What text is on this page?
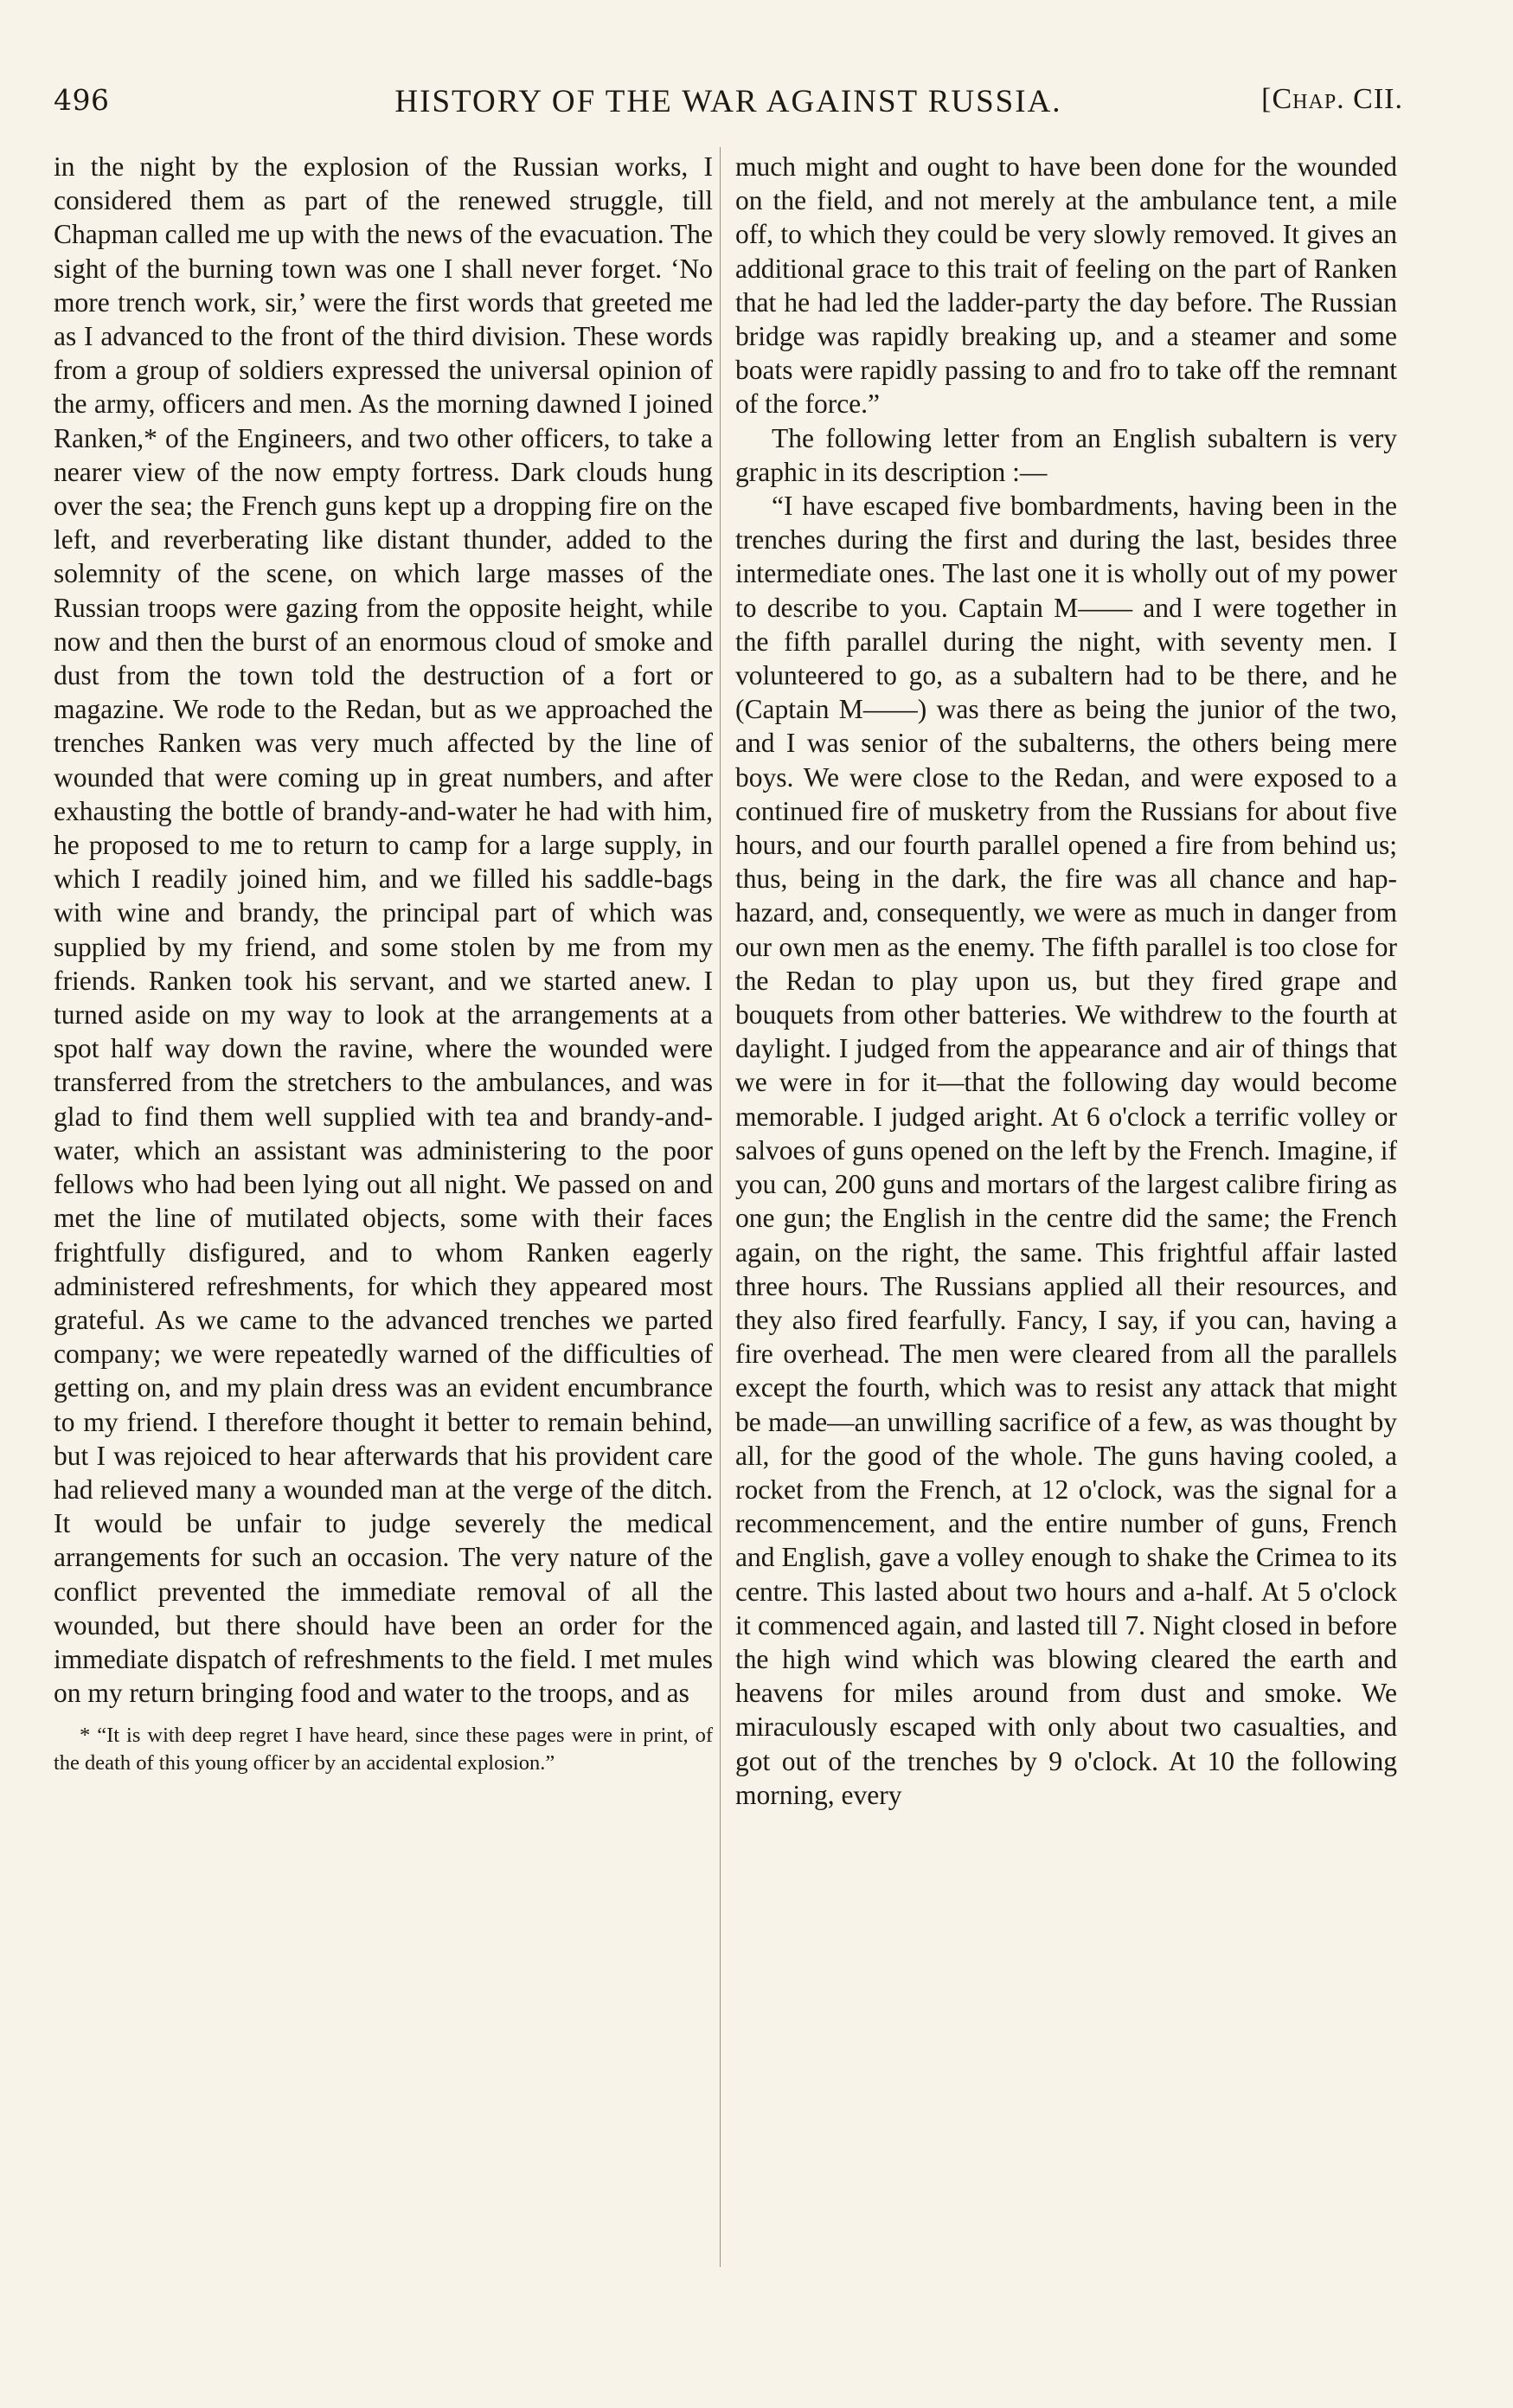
496	HISTORY OF THE WAR AGAINST RUSSIA.	[Chap. CII.

in the night by the explosion of the Russian works, I considered them as part of the renewed struggle, till Chapman called me up with the news of the evacuation. The sight of the burning town was one I shall never forget. ‘No more trench work, sir,’ were the first words that greeted me as I advanced to the front of the third division. These words from a group of soldiers expressed the universal opinion of the army, officers and men. As the morning dawned I joined Ranken,* of the Engineers, and two other officers, to take a nearer view of the now empty fortress. Dark clouds hung over the sea; the French guns kept up a dropping fire on the left, and reverberating like distant thunder, added to the solemnity of the scene, on which large masses of the Russian troops were gazing from the opposite height, while now and then the burst of an enormous cloud of smoke and dust from the town told the destruction of a fort or magazine. We rode to the Redan, but as we approached the trenches Ranken was very much affected by the line of wounded that were coming up in great numbers, and after exhausting the bottle of brandy-and-water he had with him, he proposed to me to return to camp for a large supply, in which I readily joined him, and we filled his saddle-bags with wine and brandy, the principal part of which was supplied by my friend, and some stolen by me from my friends. Ranken took his servant, and we started anew. I turned aside on my way to look at the arrangements at a spot half way down the ravine, where the wounded were transferred from the stretchers to the ambulances, and was glad to find them well supplied with tea and brandy-and-water, which an assistant was administering to the poor fellows who had been lying out all night. We passed on and met the line of mutilated objects, some with their faces frightfully disfigured, and to whom Ranken eagerly administered refreshments, for which they appeared most grateful. As we came to the advanced trenches we parted company; we were repeatedly warned of the difficulties of getting on, and my plain dress was an evident encumbrance to my friend. I therefore thought it better to remain behind, but I was rejoiced to hear afterwards that his provident care had relieved many a wounded man at the verge of the ditch. It would be unfair to judge severely the medical arrangements for such an occasion. The very nature of the conflict prevented the immediate removal of all the wounded, but there should have been an order for the immediate dispatch of refreshments to the field. I met mules on my return bringing food and water to the troops, and as

* “It is with deep regret I have heard, since these pages were in print, of the death of this young officer by an accidental explosion.”

much might and ought to have been done for the wounded on the field, and not merely at the ambulance tent, a mile off, to which they could be very slowly removed. It gives an additional grace to this trait of feeling on the part of Ranken that he had led the ladder-party the day before. The Russian bridge was rapidly breaking up, and a steamer and some boats were rapidly passing to and fro to take off the remnant of the force.”

The following letter from an English subaltern is very graphic in its description :—

“I have escaped five bombardments, having been in the trenches during the first and during the last, besides three intermediate ones. The last one it is wholly out of my power to describe to you. Captain M—— and I were together in the fifth parallel during the night, with seventy men. I volunteered to go, as a subaltern had to be there, and he (Captain M——) was there as being the junior of the two, and I was senior of the subalterns, the others being mere boys. We were close to the Redan, and were exposed to a continued fire of musketry from the Russians for about five hours, and our fourth parallel opened a fire from behind us; thus, being in the dark, the fire was all chance and hap-hazard, and, consequently, we were as much in danger from our own men as the enemy. The fifth parallel is too close for the Redan to play upon us, but they fired grape and bouquets from other batteries. We withdrew to the fourth at daylight. I judged from the appearance and air of things that we were in for it—that the following day would become memorable. I judged aright. At 6 o'clock a terrific volley or salvoes of guns opened on the left by the French. Imagine, if you can, 200 guns and mortars of the largest calibre firing as one gun; the English in the centre did the same; the French again, on the right, the same. This frightful affair lasted three hours. The Russians applied all their resources, and they also fired fearfully. Fancy, I say, if you can, having a fire overhead. The men were cleared from all the parallels except the fourth, which was to resist any attack that might be made—an unwilling sacrifice of a few, as was thought by all, for the good of the whole. The guns having cooled, a rocket from the French, at 12 o'clock, was the signal for a recommencement, and the entire number of guns, French and English, gave a volley enough to shake the Crimea to its centre. This lasted about two hours and a-half. At 5 o'clock it commenced again, and lasted till 7. Night closed in before the high wind which was blowing cleared the earth and heavens for miles around from dust and smoke. We miraculously escaped with only about two casualties, and got out of the trenches by 9 o'clock. At 10 the following morning, every
